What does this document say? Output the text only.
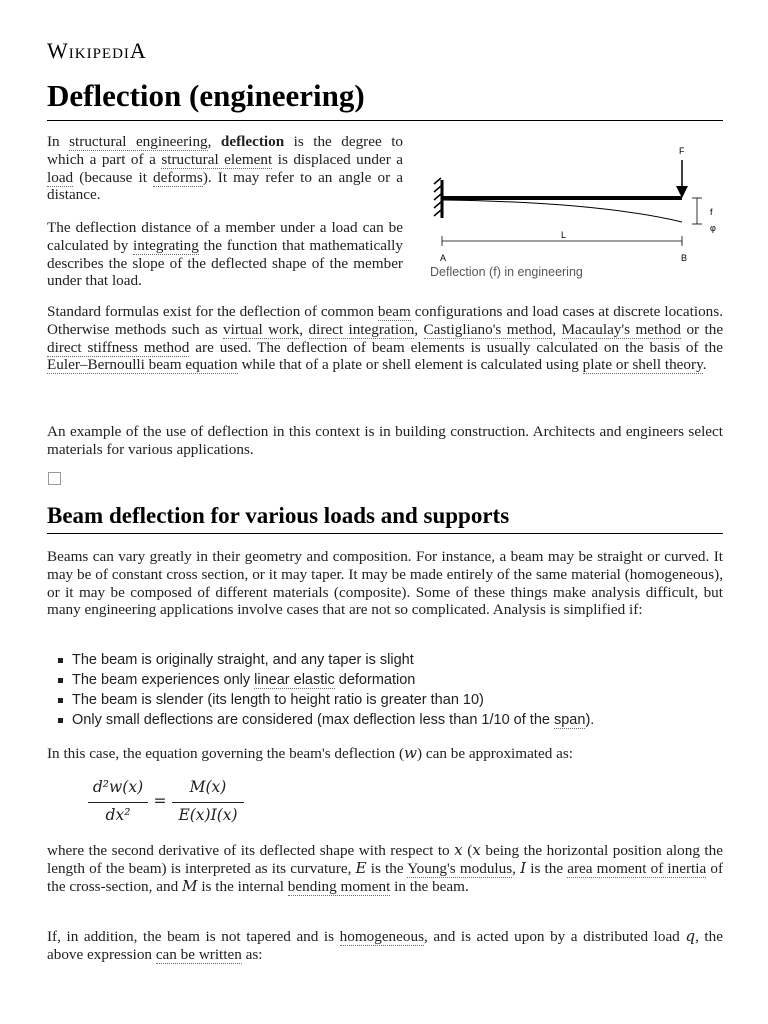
WikipediA
Deflection (engineering)

In structural engineering, deflection is the degree to which a part of a structural element is displaced under a load (because it deforms). It may refer to an angle or a distance.

The deflection distance of a member under a load can be calculated by integrating the function that mathematically describes the slope of the deflected shape of the member under that load.

F
f
φ
L
A	B
Deflection (f) in engineering

Standard formulas exist for the deflection of common beam configurations and load cases at discrete locations. Otherwise methods such as virtual work, direct integration, Castigliano's method, Macaulay's method or the direct stiffness method are used. The deflection of beam elements is usually calculated on the basis of the Euler–Bernoulli beam equation while that of a plate or shell element is calculated using plate or shell theory.

An example of the use of deflection in this context is in building construction. Architects and engineers select materials for various applications.

Beam deflection for various loads and supports

Beams can vary greatly in their geometry and composition. For instance, a beam may be straight or curved. It may be of constant cross section, or it may taper. It may be made entirely of the same material (homogeneous), or it may be composed of different materials (composite). Some of these things make analysis difficult, but many engineering applications involve cases that are not so complicated. Analysis is simplified if:

The beam is originally straight, and any taper is slight
The beam experiences only linear elastic deformation
The beam is slender (its length to height ratio is greater than 10)
Only small deflections are considered (max deflection less than 1/10 of the span).

In this case, the equation governing the beam's deflection (w) can be approximated as:

d²w(x)
dx²
=
M(x)
E(x)I(x)

where the second derivative of its deflected shape with respect to x (x being the horizontal position along the length of the beam) is interpreted as its curvature, E is the Young's modulus, I is the area moment of inertia of the cross-section, and M is the internal bending moment in the beam.

If, in addition, the beam is not tapered and is homogeneous, and is acted upon by a distributed load q, the above expression can be written as:
